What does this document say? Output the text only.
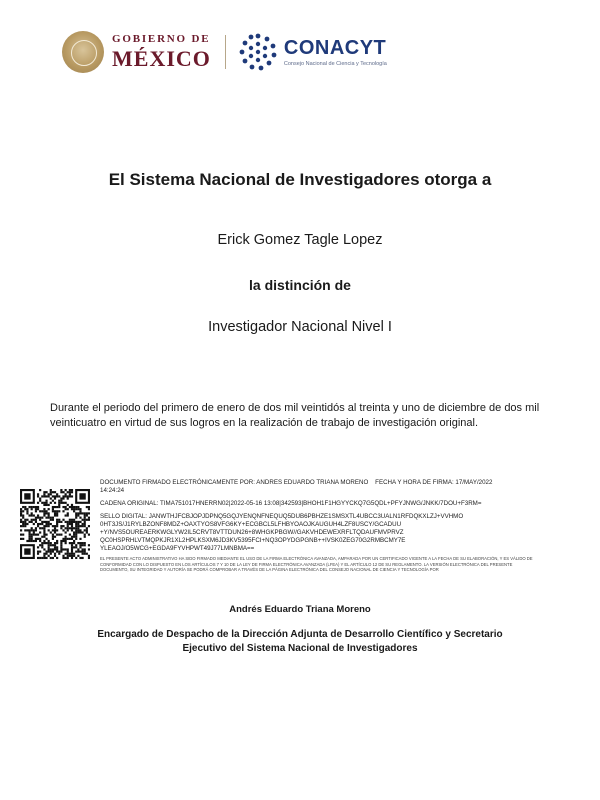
GOBIERNO DE
MÉXICO	CONACYT
Consejo Nacional de Ciencia y Tecnología
El Sistema Nacional de Investigadores otorga a
Erick Gomez Tagle Lopez
la distinción de
Investigador Nacional Nivel I
Durante el periodo del primero de enero de dos mil veintidós al treinta y uno de diciembre de dos mil veinticuatro en virtud de sus logros en la realización de trabajo de investigación original.
DOCUMENTO FIRMADO ELECTRÓNICAMENTE POR: ANDRES EDUARDO TRIANA MORENO FECHA Y HORA DE FIRMA: 17/MAY/2022
14:24:24
CADENA ORIGINAL: TIMA751017HNERRN02|2022-05-16 13:08|342593|BHOH1F1HGYYCKQ7G5QDL+PFYJNWG/JNKK/7DOU+F3RM=
SELLO DIGITAL: JANWTHJFCBJOPJDPNQ5GQJYENQNFNEQUQ5DUB6PBHZE1SMSXTL4UBCC3UALN1RFDQKXLZJ+VVHMO
0HT3JS/J1RYLBZONF8MDZ+OAXTYOS8VFG6KY+ECGBCL5LFHBYOAOJKAUGUH4LZF8USCY/GCADUU
+Y/NVS5OUREAERKWGLYW2IL5CRVT8VTTDUN26+8WHGKPBGW//GAKVHDEWEXRFLTQDAUFMVPRVZ
QC0HSPRHLVTMQPKJR1XL2HPLKSXM6JD3KV5395FCI+NQ3OPYDGPGNB++IVSK0ZEG70G2RMBCMY7E
YLEAOJ/O5WCG+EGDA9FYVHPWT49J77LMNBMA==
EL PRESENTE ACTO ADMINISTRATIVO HA SIDO FIRMADO MEDIANTE EL USO DE LA FIRMA ELECTRÓNICA AVANZADA, AMPARADA POR UN CERTIFICADO VIGENTE A LA FECHA DE SU ELABORACIÓN, Y ES VÁLIDO DE CONFORMIDAD CON LO DISPUESTO EN LOS ARTÍCULOS 7 Y 10 DE LA LEY DE FIRMA ELECTRÓNICA AVANZADA (LFEA) Y EL ARTÍCULO 12 DE SU REGLAMENTO. LA VERSIÓN ELECTRÓNICA DEL PRESENTE DOCUMENTO, SU INTEGRIDAD Y AUTORÍA SE PODRÁ COMPROBAR A TRAVÉS DE LA PÁGINA ELECTRÓNICA DEL CONSEJO NACIONAL DE CIENCIA Y TECNOLOGÍA POR
Andrés Eduardo Triana Moreno
Encargado de Despacho de la Dirección Adjunta de Desarrollo Científico y Secretario Ejecutivo del Sistema Nacional de Investigadores
